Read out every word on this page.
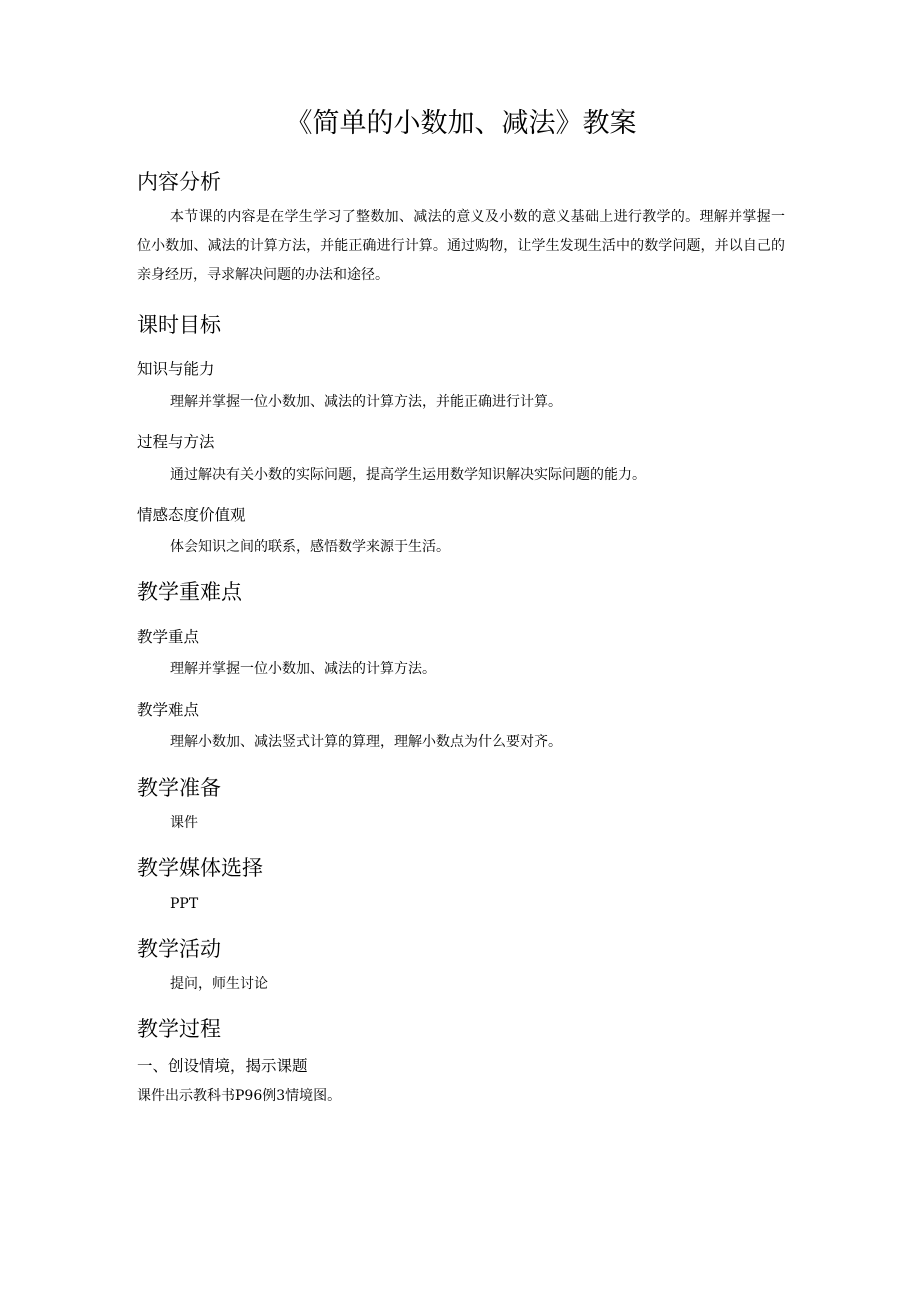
《简单的小数加、减法》教案
内容分析

本节课的内容是在学生学习了整数加、减法的意义及小数的意义基础上进行教学的。理解并掌握一位小数加、减法的计算方法，并能正确进行计算。通过购物，让学生发现生活中的数学问题，并以自己的亲身经历，寻求解决问题的办法和途径。

课时目标
知识与能力

理解并掌握一位小数加、减法的计算方法，并能正确进行计算。

过程与方法

通过解决有关小数的实际问题，提高学生运用数学知识解决实际问题的能力。

情感态度价值观

体会知识之间的联系，感悟数学来源于生活。

教学重难点
教学重点

理解并掌握一位小数加、减法的计算方法。

教学难点

理解小数加、减法竖式计算的算理，理解小数点为什么要对齐。

教学准备

课件

教学媒体选择

PPT

教学活动

提问，师生讨论

教学过程
一、创设情境，揭示课题

课件出示教科书P96例3情境图。
